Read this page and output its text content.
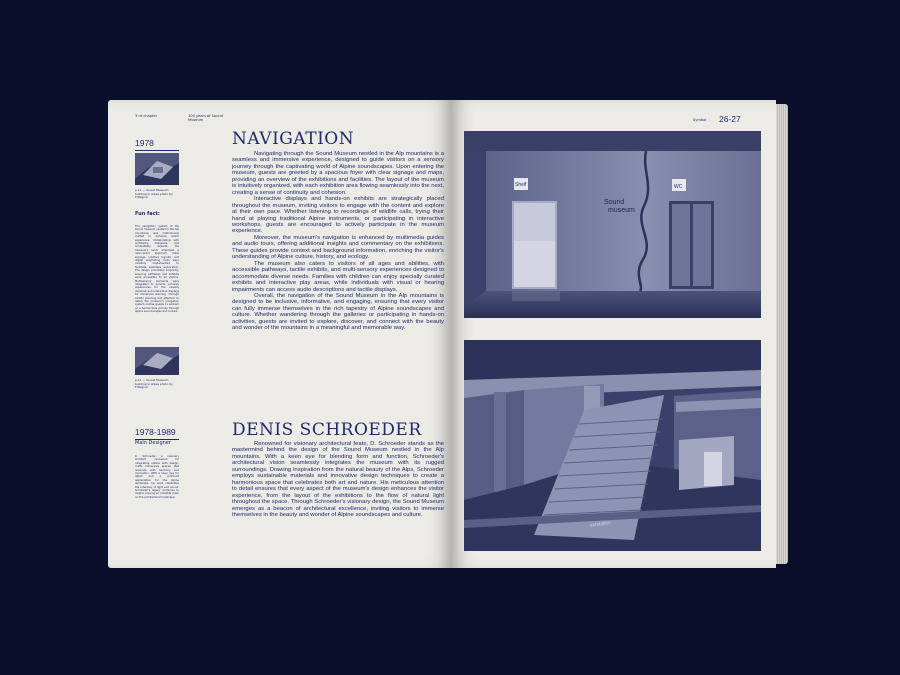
3 rd chapter	100 years of Sound Museum
1978
p.11 — Sound Museum building in Alpes photo by F.Wagner
Fun fact:
The navigation system of the Sound museum nestled in the Alp mountains was meticulously crafted to enhance visitor experience. Collaborating with architects, designers, and accessibility experts, the museum's team employed a user-centric approach. Clear signage, intuitive layouts, and digital wayfinding tools were carefully implemented to facilitate seamless exploration. The design prioritized simplicity, ensuring pathways and exhibits were accessible to all visitors. Multisensory elements were integrated to provide inclusive experiences for the visually impaired and interactive displays for immersive learning. Through careful planning and attention to detail, the museum's navigation system invites guests to embark on a harmonious journey through alpine sound-scapes and culture.
p.11 — Sound Museum building in Alpes photo by F.Wagner
NAVIGATION

Navigating through the Sound Museum nestled in the Alp mountains is a seamless and immersive experience, designed to guide visitors on a sensory journey through the captivating world of Alpine soundscapes. Upon entering the museum, guests are greeted by a spacious foyer with clear signage and maps, providing an overview of the exhibitions and facilities. The layout of the museum is intuitively organized, with each exhibition area flowing seamlessly into the next, creating a sense of continuity and cohesion.

Interactive displays and hands-on exhibits are strategically placed throughout the museum, inviting visitors to engage with the content and explore at their own pace. Whether listening to recordings of wildlife calls, trying their hand at playing traditional Alpine instruments, or participating in interactive workshops, guests are encouraged to actively participate in the museum experience.

Moreover, the museum's navigation is enhanced by multimedia guides and audio tours, offering additional insights and commentary on the exhibitions. These guides provide context and background information, enriching the visitor's understanding of Alpine culture, history, and ecology.

The museum also caters to visitors of all ages and abilities, with accessible pathways, tactile exhibits, and multi-sensory experiences designed to accommodate diverse needs. Families with children can enjoy specially curated exhibits and interactive play areas, while individuals with visual or hearing impairments can access audio descriptions and tactile displays.

Overall, the navigation of the Sound Museum in the Alp mountains is designed to be inclusive, informative, and engaging, ensuring that every visitor can fully immerse themselves in the rich tapestry of Alpine soundscapes and culture. Whether wandering through the galleries or participating in hands-on activities, guests are invited to explore, discover, and connect with the beauty and wonder of the mountains in a meaningful and memorable way.

1978-1989
Main Designer
D. Schroeder, a visionary architect renowned for integrating nature with design, crafts immersive spaces that resonate with harmony and innovation. With a keen eye for detail and a profound appreciation for the Alpine landscape, his work celebrates the interplay of light and sound. Schroeder's legacy continues to inspire, leaving an indelible mark on the architectural landscape.
DENIS SCHROEDER

Renowned for visionary architectural feats, D. Schroeder stands as the mastermind behind the design of the Sound Museum nestled in the Alp mountains. With a keen eye for blending form and function, Schroeder's architectural vision seamlessly integrates the museum with its rugged surroundings. Drawing inspiration from the natural beauty of the Alps, Schroeder employs sustainable materials and innovative design techniques to create a harmonious space that celebrates both art and nature. His meticulous attention to detail ensures that every aspect of the museum's design enhances the visitor experience, from the layout of the exhibitions to the flow of natural light throughout the space. Through Schroeder's visionary design, the Sound Museum emerges as a beacon of architectural excellence, inviting visitors to immerse themselves in the beauty and wonder of Alpine soundscapes and culture.

Symbol 26-27
Shelf	WC
Sound
museum
exhibition
